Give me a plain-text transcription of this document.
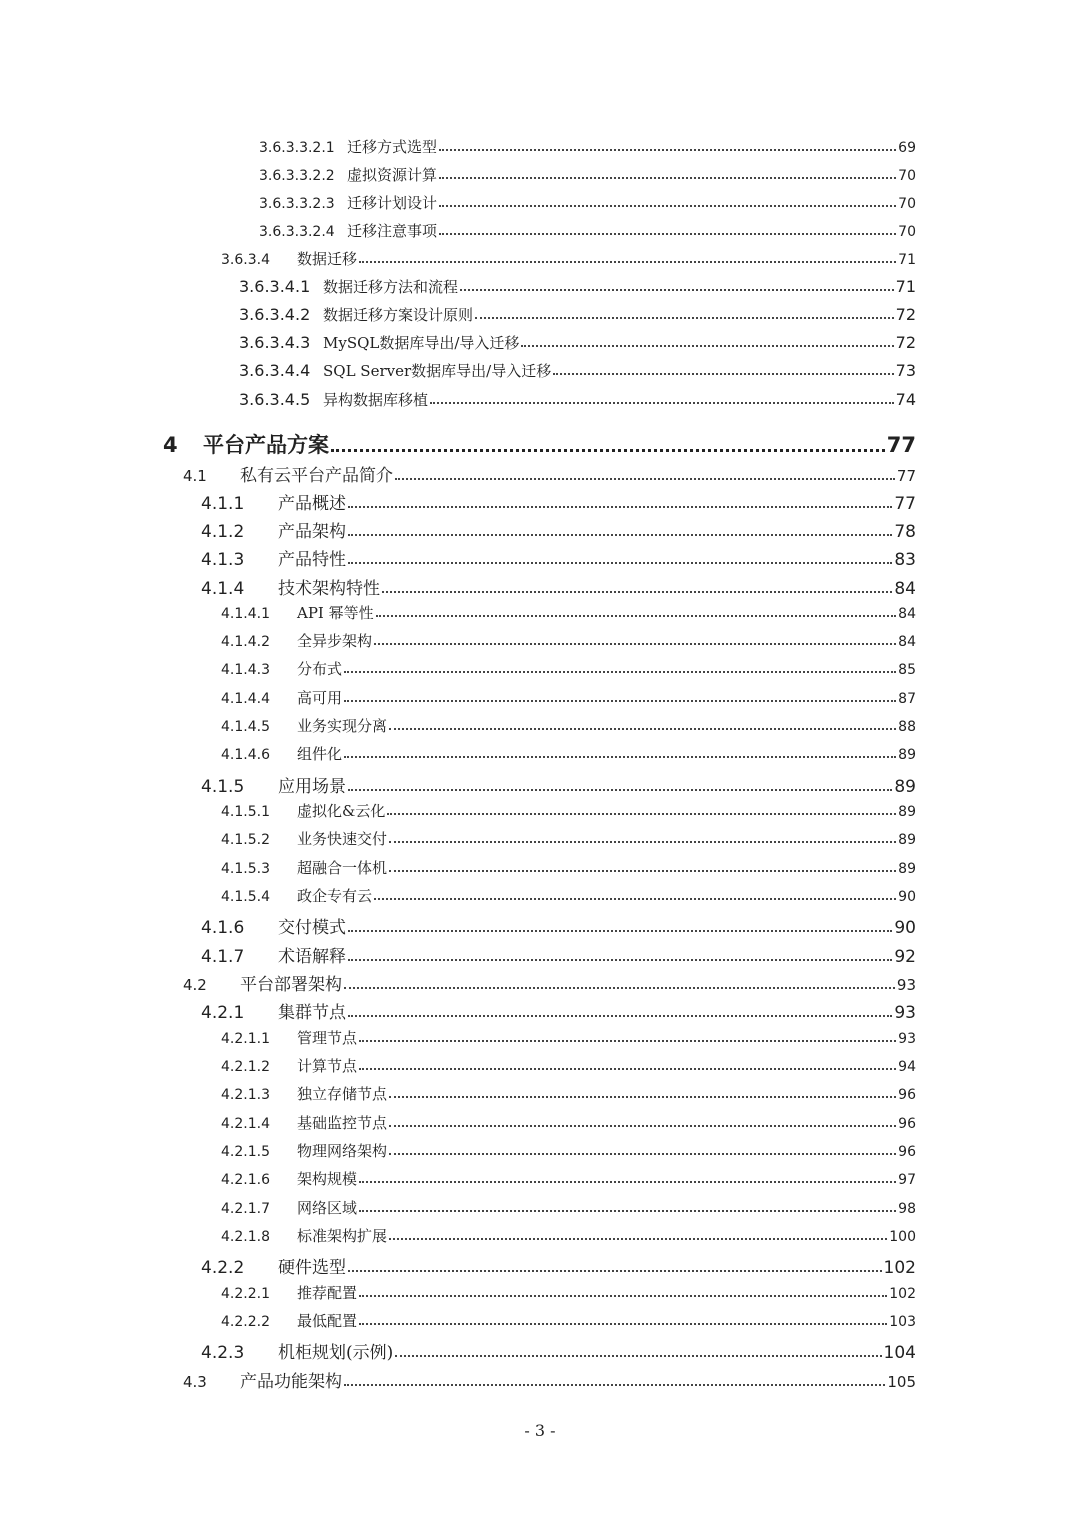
3.6.3.3.2.1 迁移方式选型	69
3.6.3.3.2.2 虚拟资源计算	70
3.6.3.3.2.3 迁移计划设计	70
3.6.3.3.2.4 迁移注意事项	70
3.6.3.4	数据迁移	71
3.6.3.4.1 数据迁移方法和流程	71
3.6.3.4.2 数据迁移方案设计原则	72
3.6.3.4.3 MySQL数据库导出/导入迁移	72
3.6.3.4.4 SQL Server数据库导出/导入迁移	73
3.6.3.4.5 异构数据库移植	74
4	平台产品方案	77
4.1	私有云平台产品简介	77
4.1.1	产品概述	77
4.1.2	产品架构	78
4.1.3	产品特性	83
4.1.4	技术架构特性	84
4.1.4.1	API 幂等性	84
4.1.4.2	全异步架构	84
4.1.4.3	分布式	85
4.1.4.4	高可用	87
4.1.4.5	业务实现分离	88
4.1.4.6	组件化	89
4.1.5	应用场景	89
4.1.5.1	虚拟化&云化	89
4.1.5.2	业务快速交付	89
4.1.5.3	超融合一体机	89
4.1.5.4	政企专有云	90
4.1.6	交付模式	90
4.1.7	术语解释	92
4.2	平台部署架构	93
4.2.1	集群节点	93
4.2.1.1	管理节点	93
4.2.1.2	计算节点	94
4.2.1.3	独立存储节点	96
4.2.1.4	基础监控节点	96
4.2.1.5	物理网络架构	96
4.2.1.6	架构规模	97
4.2.1.7	网络区域	98
4.2.1.8	标准架构扩展	100
4.2.2	硬件选型	102
4.2.2.1	推荐配置	102
4.2.2.2	最低配置	103
4.2.3	机柜规划(示例)	104
4.3	产品功能架构	105
- 3 -
